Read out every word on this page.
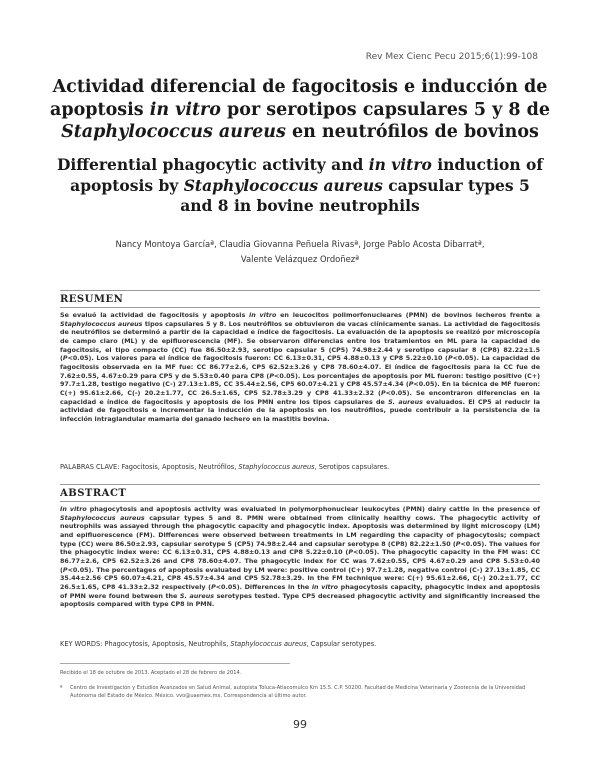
Rev Mex Cienc Pecu 2015;6(1):99-108
Actividad diferencial de fagocitosis e inducción de apoptosis in vitro por serotipos capsulares 5 y 8 de Staphylococcus aureus en neutrófilos de bovinos
Differential phagocytic activity and in vitro induction of apoptosis by Staphylococcus aureus capsular types 5 and 8 in bovine neutrophils
Nancy Montoya Garcíaª, Claudia Giovanna Peñuela Rivasª, Jorge Pablo Acosta Dibarratª,
Valente Velázquez Ordoñezª
RESUMEN

Se evaluó la actividad de fagocitosis y apoptosis in vitro en leucocitos polimorfonucleares (PMN) de bovinos lecheros frente a Staphylococcus aureus tipos capsulares 5 y 8. Los neutrófilos se obtuvieron de vacas clínicamente sanas. La actividad de fagocitosis de neutrófilos se determinó a partir de la capacidad e índice de fagocitosis. La evaluación de la apoptosis se realizó por microscopía de campo claro (ML) y de epifluorescencia (MF). Se observaron diferencias entre los tratamientos en ML para la capacidad de fagocitosis, el tipo compacto (CC) fue 86.50±2.93, serotipo capsular 5 (CP5) 74.98±2.44 y serotipo capsular 8 (CP8) 82.22±1.5 (P<0.05). Los valores para el índice de fagocitosis fueron: CC 6.13±0.31, CP5 4.88±0.13 y CP8 5.22±0.10 (P<0.05). La capacidad de fagocitosis observada en la MF fue: CC 86.77±2.6, CP5 62.52±3.26 y CP8 78.60±4.07. El índice de fagocitosis para la CC fue de 7.62±0.55, 4.67±0.29 para CP5 y de 5.53±0.40 para CP8 (P<0.05). Los porcentajes de apoptosis por ML fueron: testigo positivo (C+) 97.7±1.28, testigo negativo (C-) 27.13±1.85, CC 35.44±2.56, CP5 60.07±4.21 y CP8 45.57±4.34 (P<0.05). En la técnica de MF fueron: C(+) 95.61±2.66, C(-) 20.2±1.77, CC 26.5±1.65, CP5 52.78±3.29 y CP8 41.33±2.32 (P<0.05). Se encontraron diferencias en la capacidad e índice de fagocitosis y apoptosis de los PMN entre los tipos capsulares de S. aureus evaluados. El CP5 al reducir la actividad de fagocitosis e incrementar la inducción de la apoptosis en los neutrófilos, puede contribuir a la persistencia de la infección intraglandular mamaria del ganado lechero en la mastitis bovina.

PALABRAS CLAVE: Fagocitosis, Apoptosis, Neutrófilos, Staphylococcus aureus, Serotipos capsulares.

ABSTRACT

In vitro phagocytosis and apoptosis activity was evaluated in polymorphonuclear leukocytes (PMN) dairy cattle in the presence of Staphylococcus aureus capsular types 5 and 8. PMN were obtained from clinically healthy cows. The phagocytic activity of neutrophils was assayed through the phagocytic capacity and phagocytic index. Apoptosis was determined by light microscopy (LM) and epifluorescence (FM). Differences were observed between treatments in LM regarding the capacity of phagocytosis; compact type (CC) were 86.50±2.93, capsular serotype 5 (CP5) 74.98±2.44 and capsular serotype 8 (CP8) 82.22±1.50 (P<0.05). The values for the phagocytic index were: CC 6.13±0.31, CP5 4.88±0.13 and CP8 5.22±0.10 (P<0.05). The phagocytic capacity in the FM was: CC 86.77±2.6, CP5 62.52±3.26 and CP8 78.60±4.07. The phagocytic index for CC was 7.62±0.55, CP5 4.67±0.29 and CP8 5.53±0.40 (P<0.05). The percentages of apoptosis evaluated by LM were: positive control (C+) 97.7±1.28, negative control (C-) 27.13±1.85, CC 35.44±2.56 CP5 60.07±4.21, CP8 45.57±4.34 and CP5 52.78±3.29. In the FM technique were: C(+) 95.61±2.66, C(-) 20.2±1.77, CC 26.5±1.65, CP8 41.33±2.32 respectively (P<0.05). Differences in the in vitro phagocytosis capacity, phagocytic index and apoptosis of PMN were found between the S. aureus serotypes tested. Type CP5 decreased phagocytic activity and significantly increased the apoptosis compared with type CP8 in PMN.

KEY WORDS: Phagocytosis, Apoptosis, Neutrophils, Staphylococcus aureus, Capsular serotypes.

Recibido el 18 de octubre de 2013. Aceptado el 28 de febrero de 2014.

ª	Centro de Investigación y Estudios Avanzados en Salud Animal, autopista Toluca-Atlacomulco Km 15.5. C.P. 50200. Facultad de Medicina Veterinaria y Zootecnia de la Universidad Autónoma del Estado de México. México. vvo@uaemex.mx. Correspondencia al último autor.

99
